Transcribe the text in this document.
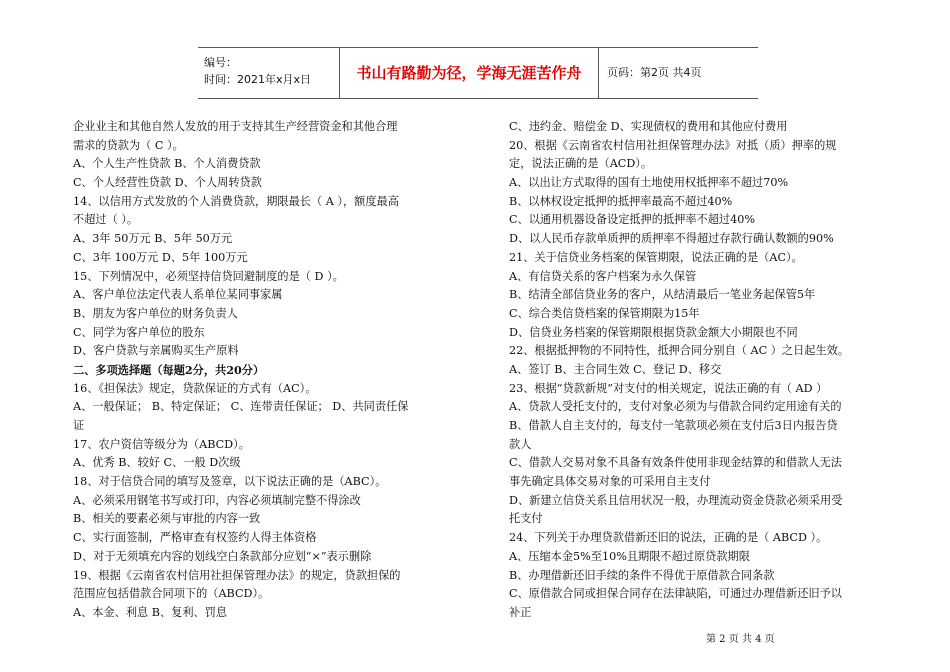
编号：
时间：2021年x月x日	书山有路勤为径，学海无涯苦作舟	页码：第2页 共4页
企业业主和其他自然人发放的用于支持其生产经营资金和其他合理
需求的贷款为（ C ）。
A、个人生产性贷款 B、个人消费贷款
C、个人经营性贷款 D、个人周转贷款
14、以信用方式发放的个人消费贷款，期限最长（ A ），额度最高
不超过（ ）。
A、3年 50万元 B、5年 50万元
C、3年 100万元 D、5年 100万元
15、下列情况中，必须坚持信贷回避制度的是（ D ）。
A、客户单位法定代表人系单位某同事家属
B、朋友为客户单位的财务负责人
C、同学为客户单位的股东
D、客户贷款与亲属购买生产原料
二、多项选择题（每题2分，共20分）
16、《担保法》规定，贷款保证的方式有（AC）。
A、一般保证； B、特定保证； C、连带责任保证； D、共同责任保
证
17、农户资信等级分为（ABCD）。
A、优秀 B、较好 C、一般 D次级
18、对于信贷合同的填写及签章，以下说法正确的是（ABC）。
A、必须采用钢笔书写或打印，内容必须填制完整不得涂改
B、相关的要素必须与审批的内容一致
C、实行面签制，严格审查有权签约人得主体资格
D、对于无须填充内容的划线空白条款部分应划“×”表示删除
19、根据《云南省农村信用社担保管理办法》的规定，贷款担保的
范围应包括借款合同项下的（ABCD）。
A、本金、利息 B、复利、罚息
C、违约金、赔偿金 D、实现债权的费用和其他应付费用
20、根据《云南省农村信用社担保管理办法》对抵（质）押率的规
定，说法正确的是（ACD）。
A、以出让方式取得的国有土地使用权抵押率不超过70%
B、以林权设定抵押的抵押率最高不超过40%
C、以通用机器设备设定抵押的抵押率不超过40%
D、以人民币存款单质押的质押率不得超过存款行确认数额的90%
21、关于信贷业务档案的保管期限，说法正确的是（AC）。
A、有信贷关系的客户档案为永久保管
B、结清全部信贷业务的客户，从结清最后一笔业务起保管5年
C、综合类信贷档案的保管期限为15年
D、信贷业务档案的保管期限根据贷款金额大小期限也不同
22、根据抵押物的不同特性，抵押合同分别自（ AC ）之日起生效。
A、签订 B、主合同生效 C、登记 D、移交
23、根据“贷款新规”对支付的相关规定，说法正确的有（ AD ）
A、贷款人受托支付的，支付对象必须为与借款合同约定用途有关的
B、借款人自主支付的，每支付一笔款项必须在支付后3日内报告贷
款人
C、借款人交易对象不具备有效条件使用非现金结算的和借款人无法
事先确定具体交易对象的可采用自主支付
D、新建立信贷关系且信用状况一般，办理流动资金贷款必须采用受
托支付
24、下列关于办理贷款借新还旧的说法，正确的是（ ABCD ）。
A、压缩本金5%至10%且期限不超过原贷款期限
B、办理借新还旧手续的条件不得优于原借款合同条款
C、原借款合同或担保合同存在法律缺陷，可通过办理借新还旧予以
补正
第 2 页 共 4 页
